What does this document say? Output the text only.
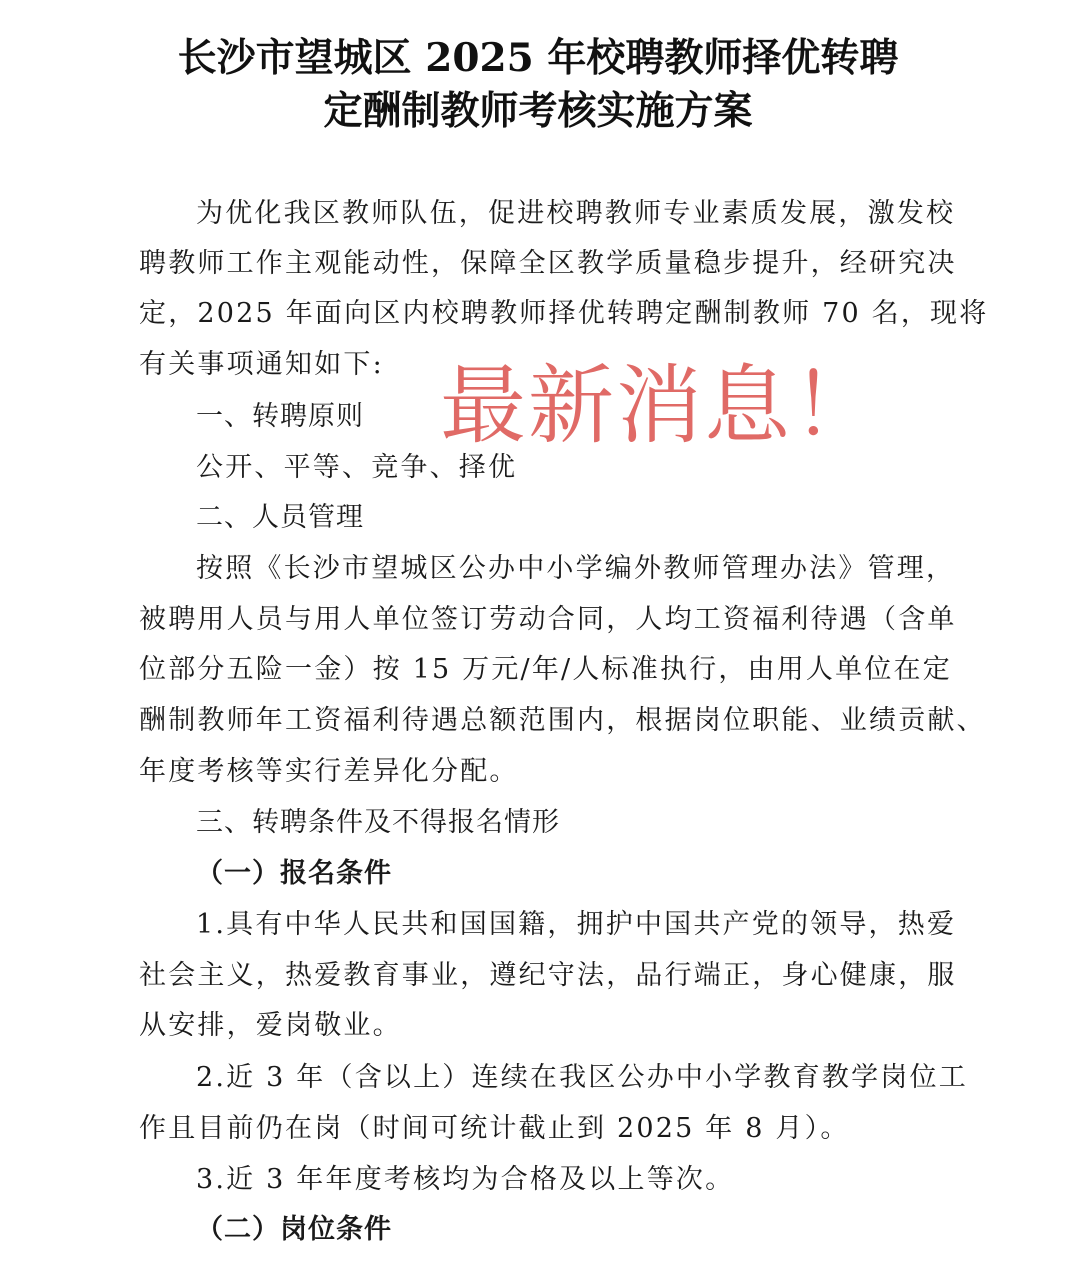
长沙市望城区 2025 年校聘教师择优转聘
定酬制教师考核实施方案
为优化我区教师队伍，促进校聘教师专业素质发展，激发校
聘教师工作主观能动性，保障全区教学质量稳步提升，经研究决
定，2025 年面向区内校聘教师择优转聘定酬制教师 70 名，现将
有关事项通知如下:
一、转聘原则
公开、平等、竞争、择优
二、人员管理
按照《长沙市望城区公办中小学编外教师管理办法》管理，
被聘用人员与用人单位签订劳动合同，人均工资福利待遇（含单
位部分五险一金）按 15 万元/年/人标准执行，由用人单位在定
酬制教师年工资福利待遇总额范围内，根据岗位职能、业绩贡献、
年度考核等实行差异化分配。
三、转聘条件及不得报名情形
（一）报名条件
1.具有中华人民共和国国籍，拥护中国共产党的领导，热爱
社会主义，热爱教育事业，遵纪守法，品行端正，身心健康，服
从安排，爱岗敬业。
2.近 3 年（含以上）连续在我区公办中小学教育教学岗位工
作且目前仍在岗（时间可统计截止到 2025 年 8 月）。
3.近 3 年年度考核均为合格及以上等次。
（二）岗位条件
最新消息！
